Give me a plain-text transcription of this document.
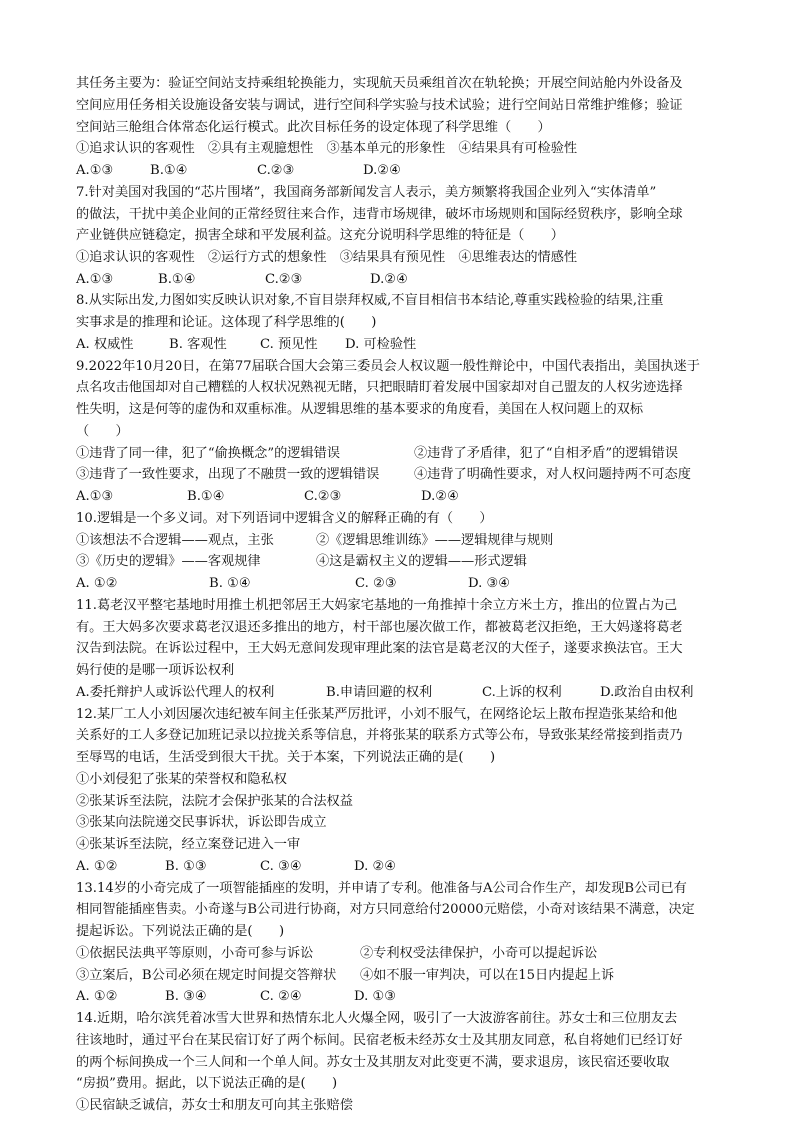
其任务主要为：验证空间站支持乘组轮换能力，实现航天员乘组首次在轨轮换；开展空间站舱内外设备及
空间应用任务相关设施设备安装与调试，进行空间科学实验与技术试验；进行空间站日常维护维修；验证
空间站三舱组合体常态化运行模式。此次目标任务的设定体现了科学思维（　　）
①追求认识的客观性　②具有主观臆想性　③基本单元的形象性　④结果具有可检验性
A.①③	B.①④	C.②③	D.②④
7.针对美国对我国的“芯片围堵”，我国商务部新闻发言人表示，美方频繁将我国企业列入“实体清单”
的做法，干扰中美企业间的正常经贸往来合作，违背市场规律，破坏市场规则和国际经贸秩序，影响全球
产业链供应链稳定，损害全球和平发展利益。这充分说明科学思维的特征是（　　）
①追求认识的客观性　②运行方式的想象性　③结果具有预见性　④思维表达的情感性
A.①③	B.①④	C.②③	D.②④
8.从实际出发,力图如实反映认识对象,不盲目崇拜权威,不盲目相信书本结论,尊重实践检验的结果,注重
实事求是的推理和论证。这体现了科学思维的(　　)
A. 权威性	B. 客观性	C. 预见性 D. 可检验性
9.2022年10月20日，在第77届联合国大会第三委员会人权议题一般性辩论中，中国代表指出，美国执迷于
点名攻击他国却对自己糟糕的人权状况熟视无睹，只把眼睛盯着发展中国家却对自己盟友的人权劣迹选择
性失明，这是何等的虚伪和双重标准。从逻辑思维的基本要求的角度看，美国在人权问题上的双标
（　　）
①违背了同一律，犯了“偷换概念”的逻辑错误	②违背了矛盾律，犯了“自相矛盾”的逻辑错误
③违背了一致性要求，出现了不融贯一致的逻辑错误	④违背了明确性要求，对人权问题持两不可态度
A.①③	B.①④	C.②③	D.②④
10.逻辑是一个多义词。对下列语词中逻辑含义的解释正确的有（　　）
①该想法不合逻辑——观点，主张	②《逻辑思维训练》——逻辑规律与规则
③《历史的逻辑》——客观规律	④这是霸权主义的逻辑——形式逻辑
A. ①②	B. ①④	C. ②③	D. ③④
11.葛老汉平整宅基地时用推土机把邻居王大妈家宅基地的一角推掉十余立方米土方，推出的位置占为己
有。王大妈多次要求葛老汉退还多推出的地方，村干部也屡次做工作，都被葛老汉拒绝，王大妈遂将葛老
汉告到法院。在诉讼过程中，王大妈无意间发现审理此案的法官是葛老汉的大侄子，遂要求换法官。王大
妈行使的是哪一项诉讼权利
A.委托辩护人或诉讼代理人的权利	B.申请回避的权利	C.上诉的权利	D.政治自由权利
12.某厂工人小刘因屡次违纪被车间主任张某严厉批评，小刘不服气，在网络论坛上散布捏造张某给和他
关系好的工人多登记加班记录以拉拢关系等信息，并将张某的联系方式等公布，导致张某经常接到指责乃
至辱骂的电话，生活受到很大干扰。关于本案，下列说法正确的是(　　)
①小刘侵犯了张某的荣誉权和隐私权
②张某诉至法院，法院才会保护张某的合法权益
③张某向法院递交民事诉状，诉讼即告成立
④张某诉至法院，经立案登记进入一审
A. ①②	B. ①③	C. ③④	D. ②④
13.14岁的小奇完成了一项智能插座的发明，并申请了专利。他准备与A公司合作生产，却发现B公司已有
相同智能插座售卖。小奇遂与B公司进行协商，对方只同意给付20000元赔偿，小奇对该结果不满意，决定
提起诉讼。下列说法正确的是(　　)
①依据民法典平等原则，小奇可参与诉讼	②专利权受法律保护，小奇可以提起诉讼
③立案后，B公司必须在规定时间提交答辩状 ④如不服一审判决，可以在15日内提起上诉
A. ①②	B. ③④	C. ②④	D. ①③
14.近期，哈尔滨凭着冰雪大世界和热情东北人火爆全网，吸引了一大波游客前往。苏女士和三位朋友去
往该地时，通过平台在某民宿订好了两个标间。民宿老板未经苏女士及其朋友同意，私自将她们已经订好
的两个标间换成一个三人间和一个单人间。苏女士及其朋友对此变更不满，要求退房，该民宿还要收取
“房损”费用。据此，以下说法正确的是(　　)
①民宿缺乏诚信，苏女士和朋友可向其主张赔偿
